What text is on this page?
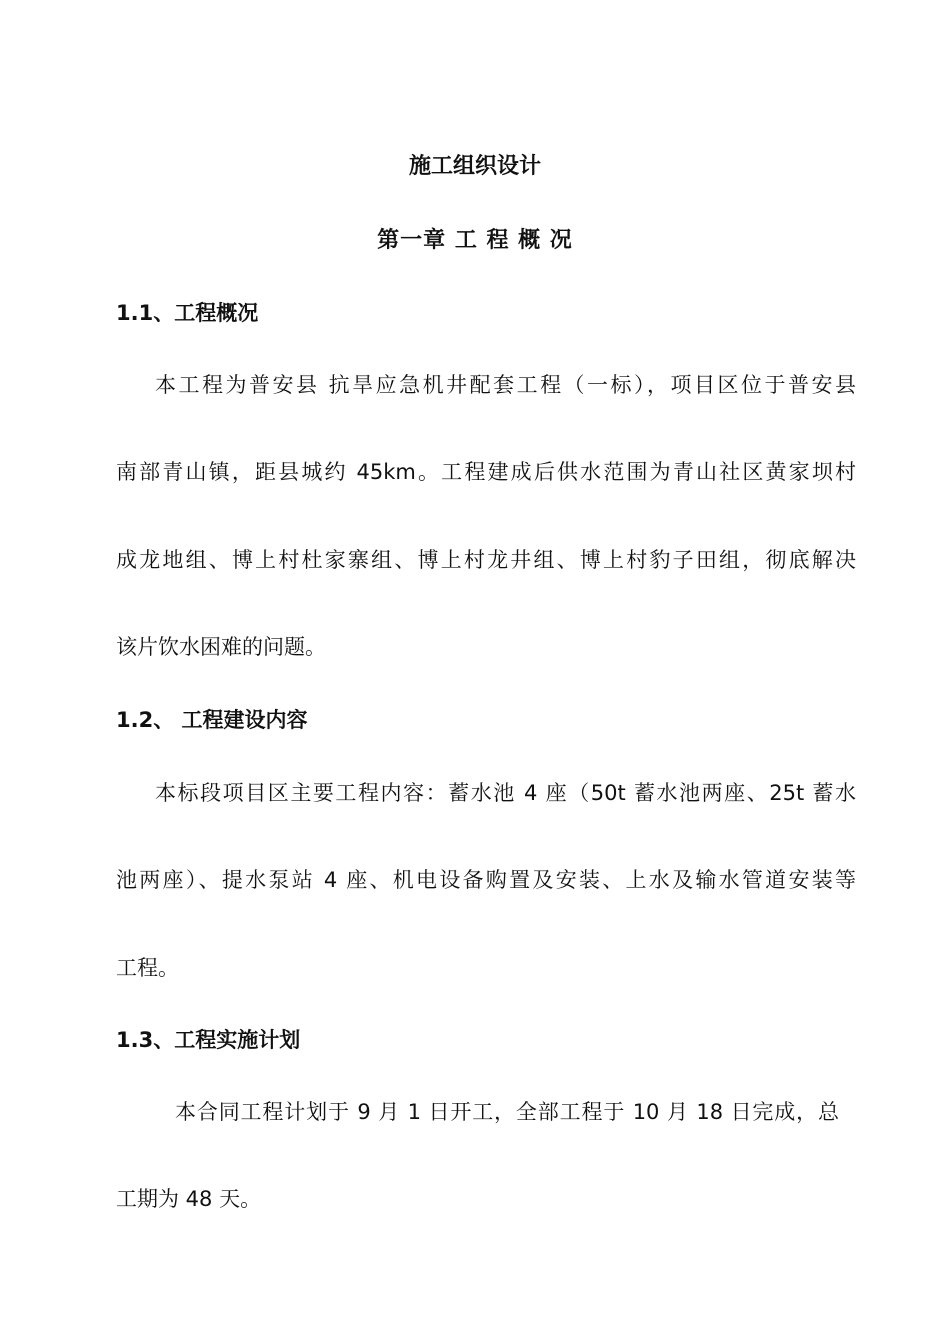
施工组织设计
第一章 工 程 概 况
1.1、工程概况

本工程为普安县 抗旱应急机井配套工程（一标），项目区位于普安县

南部青山镇，距县城约 45km。工程建成后供水范围为青山社区黄家坝村

成龙地组、博上村杜家寨组、博上村龙井组、博上村豹子田组，彻底解决

该片饮水困难的问题。

1.2、 工程建设内容

本标段项目区主要工程内容：蓄水池 4 座（50t 蓄水池两座、25t 蓄水

池两座）、提水泵站 4 座、机电设备购置及安装、上水及输水管道安装等

工程。

1.3、工程实施计划

本合同工程计划于 9 月 1 日开工，全部工程于 10 月 18 日完成，总

工期为 48 天。
